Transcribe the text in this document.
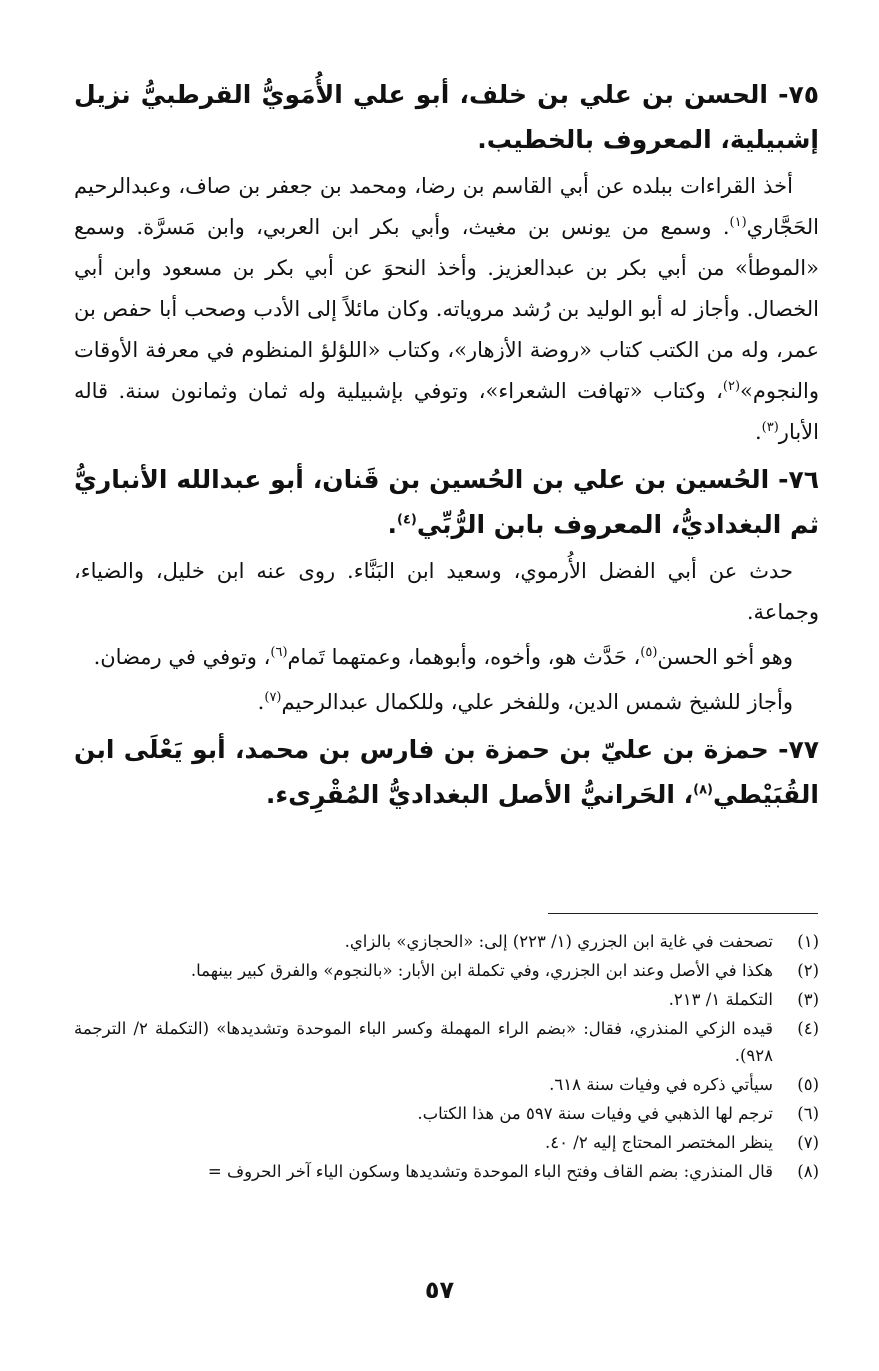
٧٥- الحسن بن علي بن خلف، أبو علي الأُمَويُّ القرطبيُّ نزيل إشبيلية، المعروف بالخطيب.

أخذ القراءات ببلده عن أبي القاسم بن رضا، ومحمد بن جعفر بن صاف، وعبدالرحيم الحَجَّاري$^{(١)}$. وسمع من يونس بن مغيث، وأبي بكر ابن العربي، وابن مَسرَّة. وسمع «الموطأ» من أبي بكر بن عبدالعزيز. وأخذ النحوَ عن أبي بكر بن مسعود وابن أبي الخصال. وأجاز له أبو الوليد بن رُشد مروياته. وكان مائلاً إلى الأدب وصحب أبا حفص بن عمر، وله من الكتب كتاب «روضة الأزهار»، وكتاب «اللؤلؤ المنظوم في معرفة الأوقات والنجوم»$^{(٢)}$، وكتاب «تهافت الشعراء»، وتوفي بإشبيلية وله ثمان وثمانون سنة. قاله الأبار$^{(٣)}$.

٧٦- الحُسين بن علي بن الحُسين بن قَنان، أبو عبدالله الأنباريُّ ثم البغداديُّ، المعروف بابن الرُّبِّي$^{(٤)}$.

حدث عن أبي الفضل الأُرموي، وسعيد ابن البَنَّاء. روى عنه ابن خليل، والضياء، وجماعة.

وهو أخو الحسن$^{(٥)}$، حَدَّث هو، وأخوه، وأبوهما، وعمتهما تَمام$^{(٦)}$، وتوفي في رمضان.

وأجاز للشيخ شمس الدين، وللفخر علي، وللكمال عبدالرحيم$^{(٧)}$.

٧٧- حمزة بن عليّ بن حمزة بن فارس بن محمد، أبو يَعْلَى ابن القُبَيْطي$^{(٨)}$، الحَرانيُّ الأصل البغداديُّ المُقْرِىء.
(١)
تصحفت في غاية ابن الجزري (١/ ٢٢٣) إلى: «الحجازي» بالزاي.
(٢)
هكذا في الأصل وعند ابن الجزري، وفي تكملة ابن الأبار: «بالنجوم» والفرق كبير بينهما.
(٣)
التكملة ١/ ٢١٣.
(٤)
قيده الزكي المنذري، فقال: «بضم الراء المهملة وكسر الباء الموحدة وتشديدها» (التكملة ٢/ الترجمة ٩٢٨).
(٥)
سيأتي ذكره في وفيات سنة ٦١٨.
(٦)
ترجم لها الذهبي في وفيات سنة ٥٩٧ من هذا الكتاب.
(٧)
ينظر المختصر المحتاج إليه ٢/ ٤٠.
(٨)
قال المنذري: بضم القاف وفتح الباء الموحدة وتشديدها وسكون الياء آخر الحروف =
٥٧
